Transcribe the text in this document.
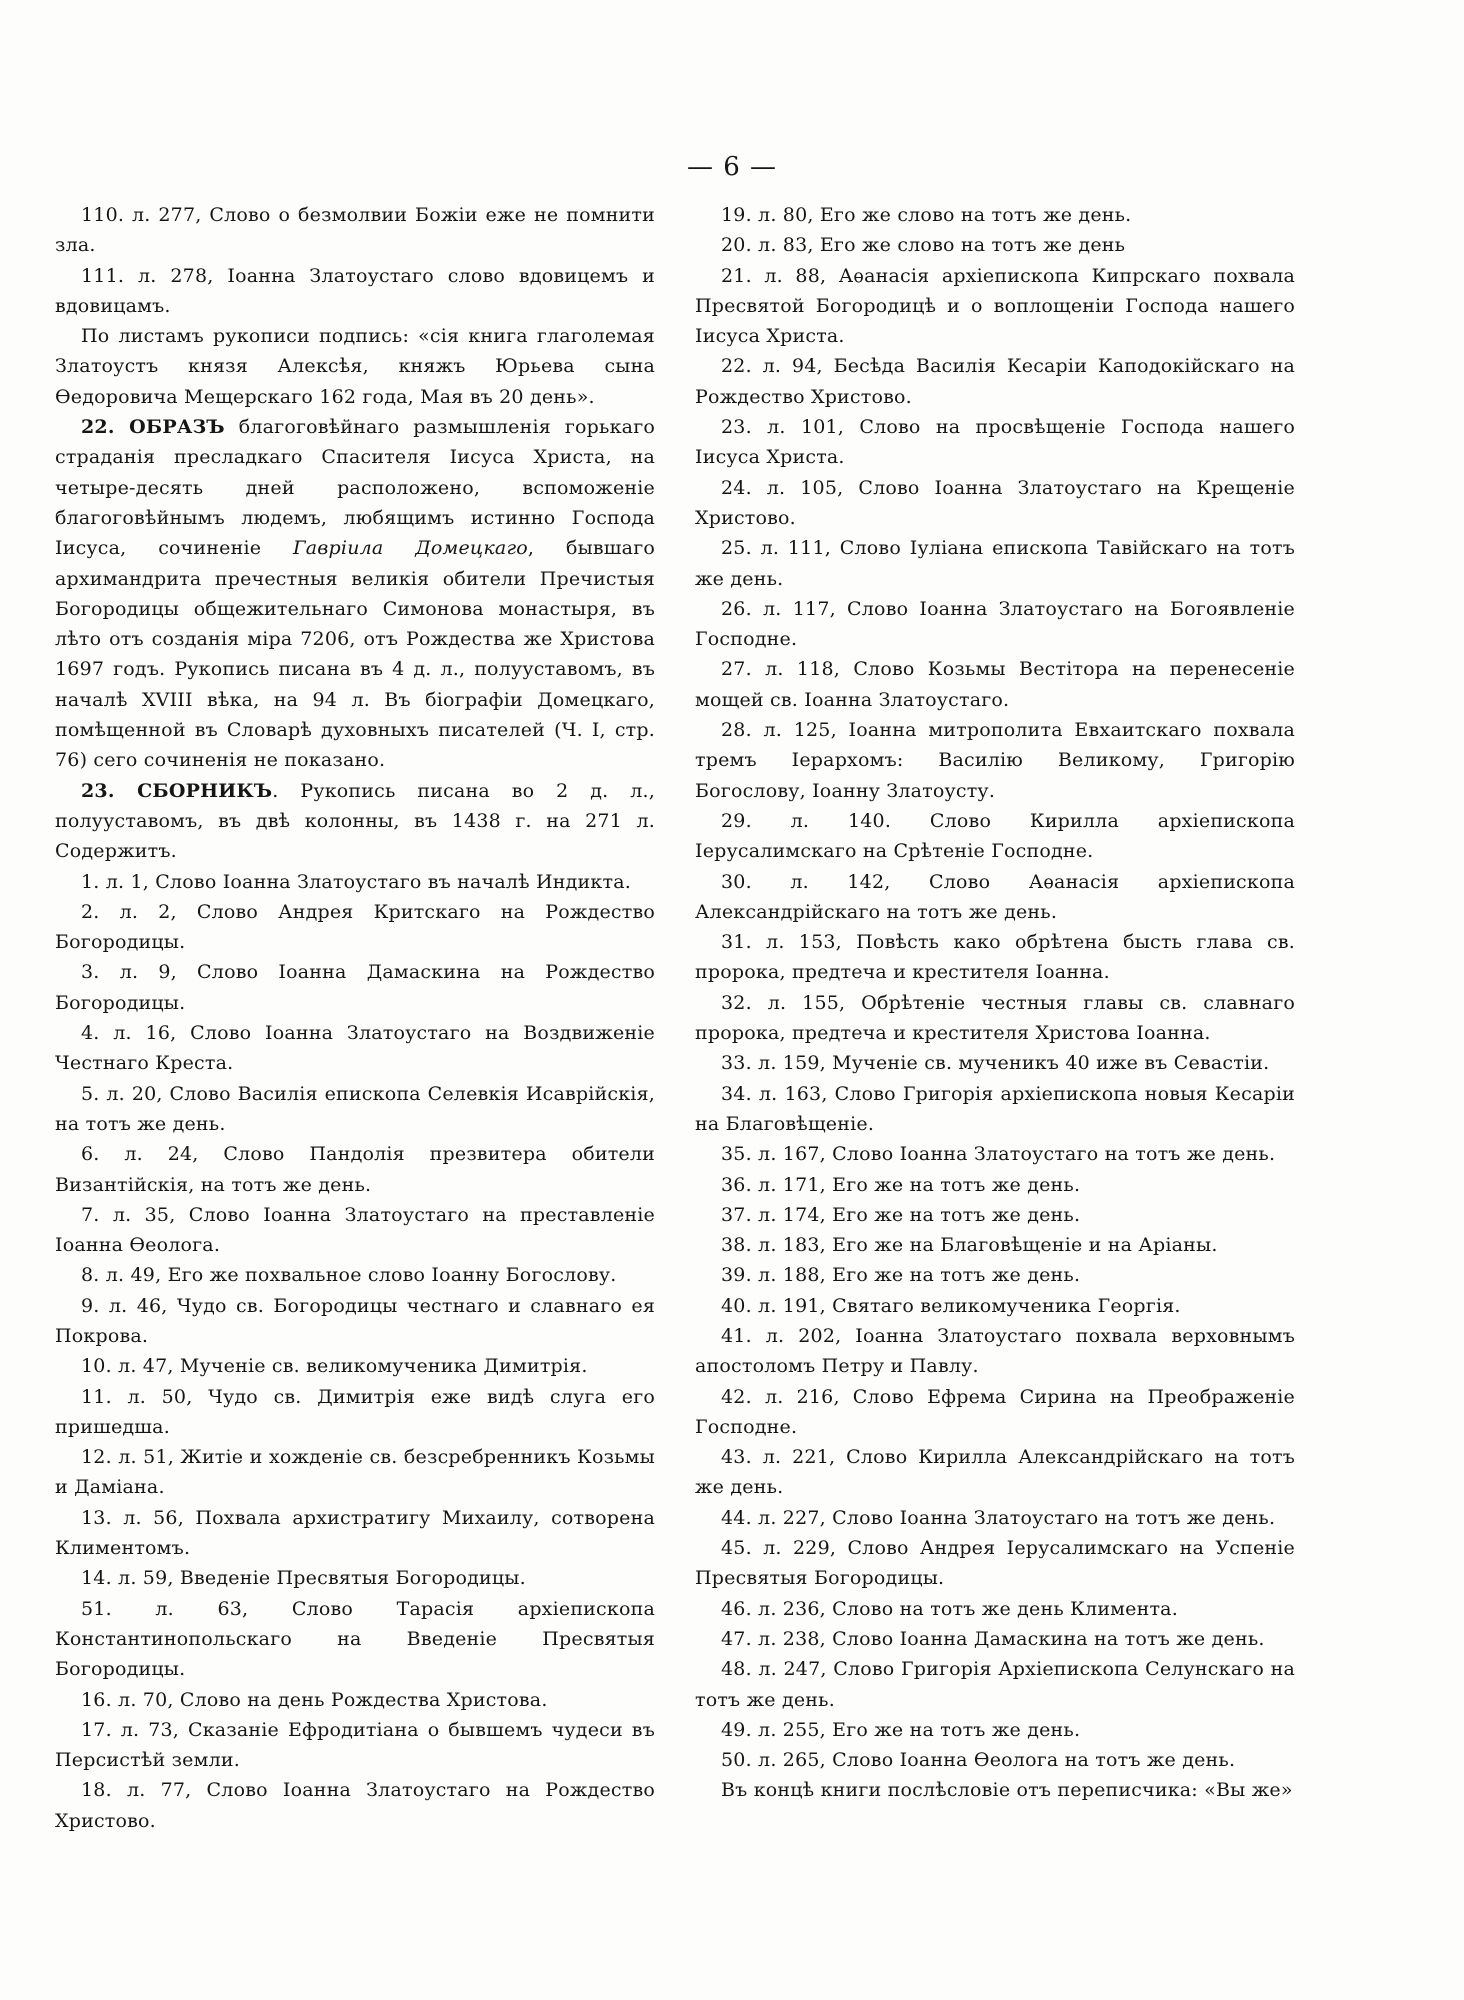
— 6 —

110. л. 277, Слово о безмолвии Божіи еже не помнити зла.

111. л. 278, Іоанна Златоустаго слово вдовицемъ и вдовицамъ.

По листамъ рукописи подпись: «сія книга глаголемая Златоустъ князя Алексѣя, княжъ Юрьева сына Ѳедоровича Мещерскаго 162 года, Мая въ 20 день».

22. ОБРАЗЪ благоговѣйнаго размышленія горькаго страданія пресладкаго Спасителя Іисуса Христа, на четыре-десять дней расположено, вспоможеніе благоговѣйнымъ людемъ, любящимъ истинно Господа Іисуса, сочиненіе Гавріила Домецкаго, бывшаго архимандрита пречестныя великія обители Пречистыя Богородицы общежительнаго Симонова монастыря, въ лѣто отъ созданія міра 7206, отъ Рождества же Христова 1697 годъ. Рукопись писана въ 4 д. л., полууставомъ, въ началѣ XVIII вѣка, на 94 л. Въ біографіи Домецкаго, помѣщенной въ Словарѣ духовныхъ писателей (Ч. I, стр. 76) сего сочиненія не показано.

23. СБОРНИКЪ. Рукопись писана во 2 д. л., полууставомъ, въ двѣ колонны, въ 1438 г. на 271 л. Содержитъ.

1. л. 1, Слово Іоанна Златоустаго въ началѣ Индикта.

2. л. 2, Слово Андрея Критскаго на Рождество Богородицы.

3. л. 9, Слово Іоанна Дамаскина на Рождество Богородицы.

4. л. 16, Слово Іоанна Златоустаго на Воздвиженіе Честнаго Креста.

5. л. 20, Слово Василія епископа Селевкія Исаврійскія, на тотъ же день.

6. л. 24, Слово Пандолія презвитера обители Византійскія, на тотъ же день.

7. л. 35, Слово Іоанна Златоустаго на преставленіе Іоанна Ѳеолога.

8. л. 49, Его же похвальное слово Іоанну Богослову.

9. л. 46, Чудо св. Богородицы честнаго и славнаго ея Покрова.

10. л. 47, Мученіе св. великомученика Димитрія.

11. л. 50, Чудо св. Димитрія еже видѣ слуга его пришедша.

12. л. 51, Житіе и хожденіе св. безсребренникъ Козьмы и Даміана.

13. л. 56, Похвала архистратигу Михаилу, сотворена Климентомъ.

14. л. 59, Введеніе Пресвятыя Богородицы.

51. л. 63, Слово Тарасія архіепископа Константинопольскаго на Введеніе Пресвятыя Богородицы.

16. л. 70, Слово на день Рождества Христова.

17. л. 73, Сказаніе Ефродитіана о бывшемъ чудеси въ Персистѣй земли.

18. л. 77, Слово Іоанна Златоустаго на Рождество Христово.

19. л. 80, Его же слово на тотъ же день.

20. л. 83, Его же слово на тотъ же день

21. л. 88, Аѳанасія архіепископа Кипрскаго похвала Пресвятой Богородицѣ и о воплощеніи Господа нашего Іисуса Христа.

22. л. 94, Бесѣда Василія Кесаріи Каподокійскаго на Рождество Христово.

23. л. 101, Слово на просвѣщеніе Господа нашего Іисуса Христа.

24. л. 105, Слово Іоанна Златоустаго на Крещеніе Христово.

25. л. 111, Слово Іуліана епископа Тавійскаго на тотъ же день.

26. л. 117, Слово Іоанна Златоустаго на Богоявленіе Господне.

27. л. 118, Слово Козьмы Вестітора на перенесеніе мощей св. Іоанна Златоустаго.

28. л. 125, Іоанна митрополита Евхаитскаго похвала тремъ Іерархомъ: Василію Великому, Григорію Богослову, Іоанну Златоусту.

29. л. 140. Слово Кирилла архіепископа Іерусалимскаго на Срѣтеніе Господне.

30. л. 142, Слово Аѳанасія архіепископа Александрійскаго на тотъ же день.

31. л. 153, Повѣсть како обрѣтена бысть глава св. пророка, предтеча и крестителя Іоанна.

32. л. 155, Обрѣтеніе честныя главы св. славнаго пророка, предтеча и крестителя Христова Іоанна.

33. л. 159, Мученіе св. мученикъ 40 иже въ Севастіи.

34. л. 163, Слово Григорія архіепископа новыя Кесаріи на Благовѣщеніе.

35. л. 167, Слово Іоанна Златоустаго на тотъ же день.

36. л. 171, Его же на тотъ же день.

37. л. 174, Его же на тотъ же день.

38. л. 183, Его же на Благовѣщеніе и на Аріаны.

39. л. 188, Его же на тотъ же день.

40. л. 191, Святаго великомученика Георгія.

41. л. 202, Іоанна Златоустаго похвала верховнымъ апостоломъ Петру и Павлу.

42. л. 216, Слово Ефрема Сирина на Преображеніе Господне.

43. л. 221, Слово Кирилла Александрійскаго на тотъ же день.

44. л. 227, Слово Іоанна Златоустаго на тотъ же день.

45. л. 229, Слово Андрея Іерусалимскаго на Успеніе Пресвятыя Богородицы.

46. л. 236, Слово на тотъ же день Климента.

47. л. 238, Слово Іоанна Дамаскина на тотъ же день.

48. л. 247, Слово Григорія Архіепископа Селунскаго на тотъ же день.

49. л. 255, Его же на тотъ же день.

50. л. 265, Слово Іоанна Ѳеолога на тотъ же день.

Въ концѣ книги послѣсловіе отъ переписчика: «Вы же»
